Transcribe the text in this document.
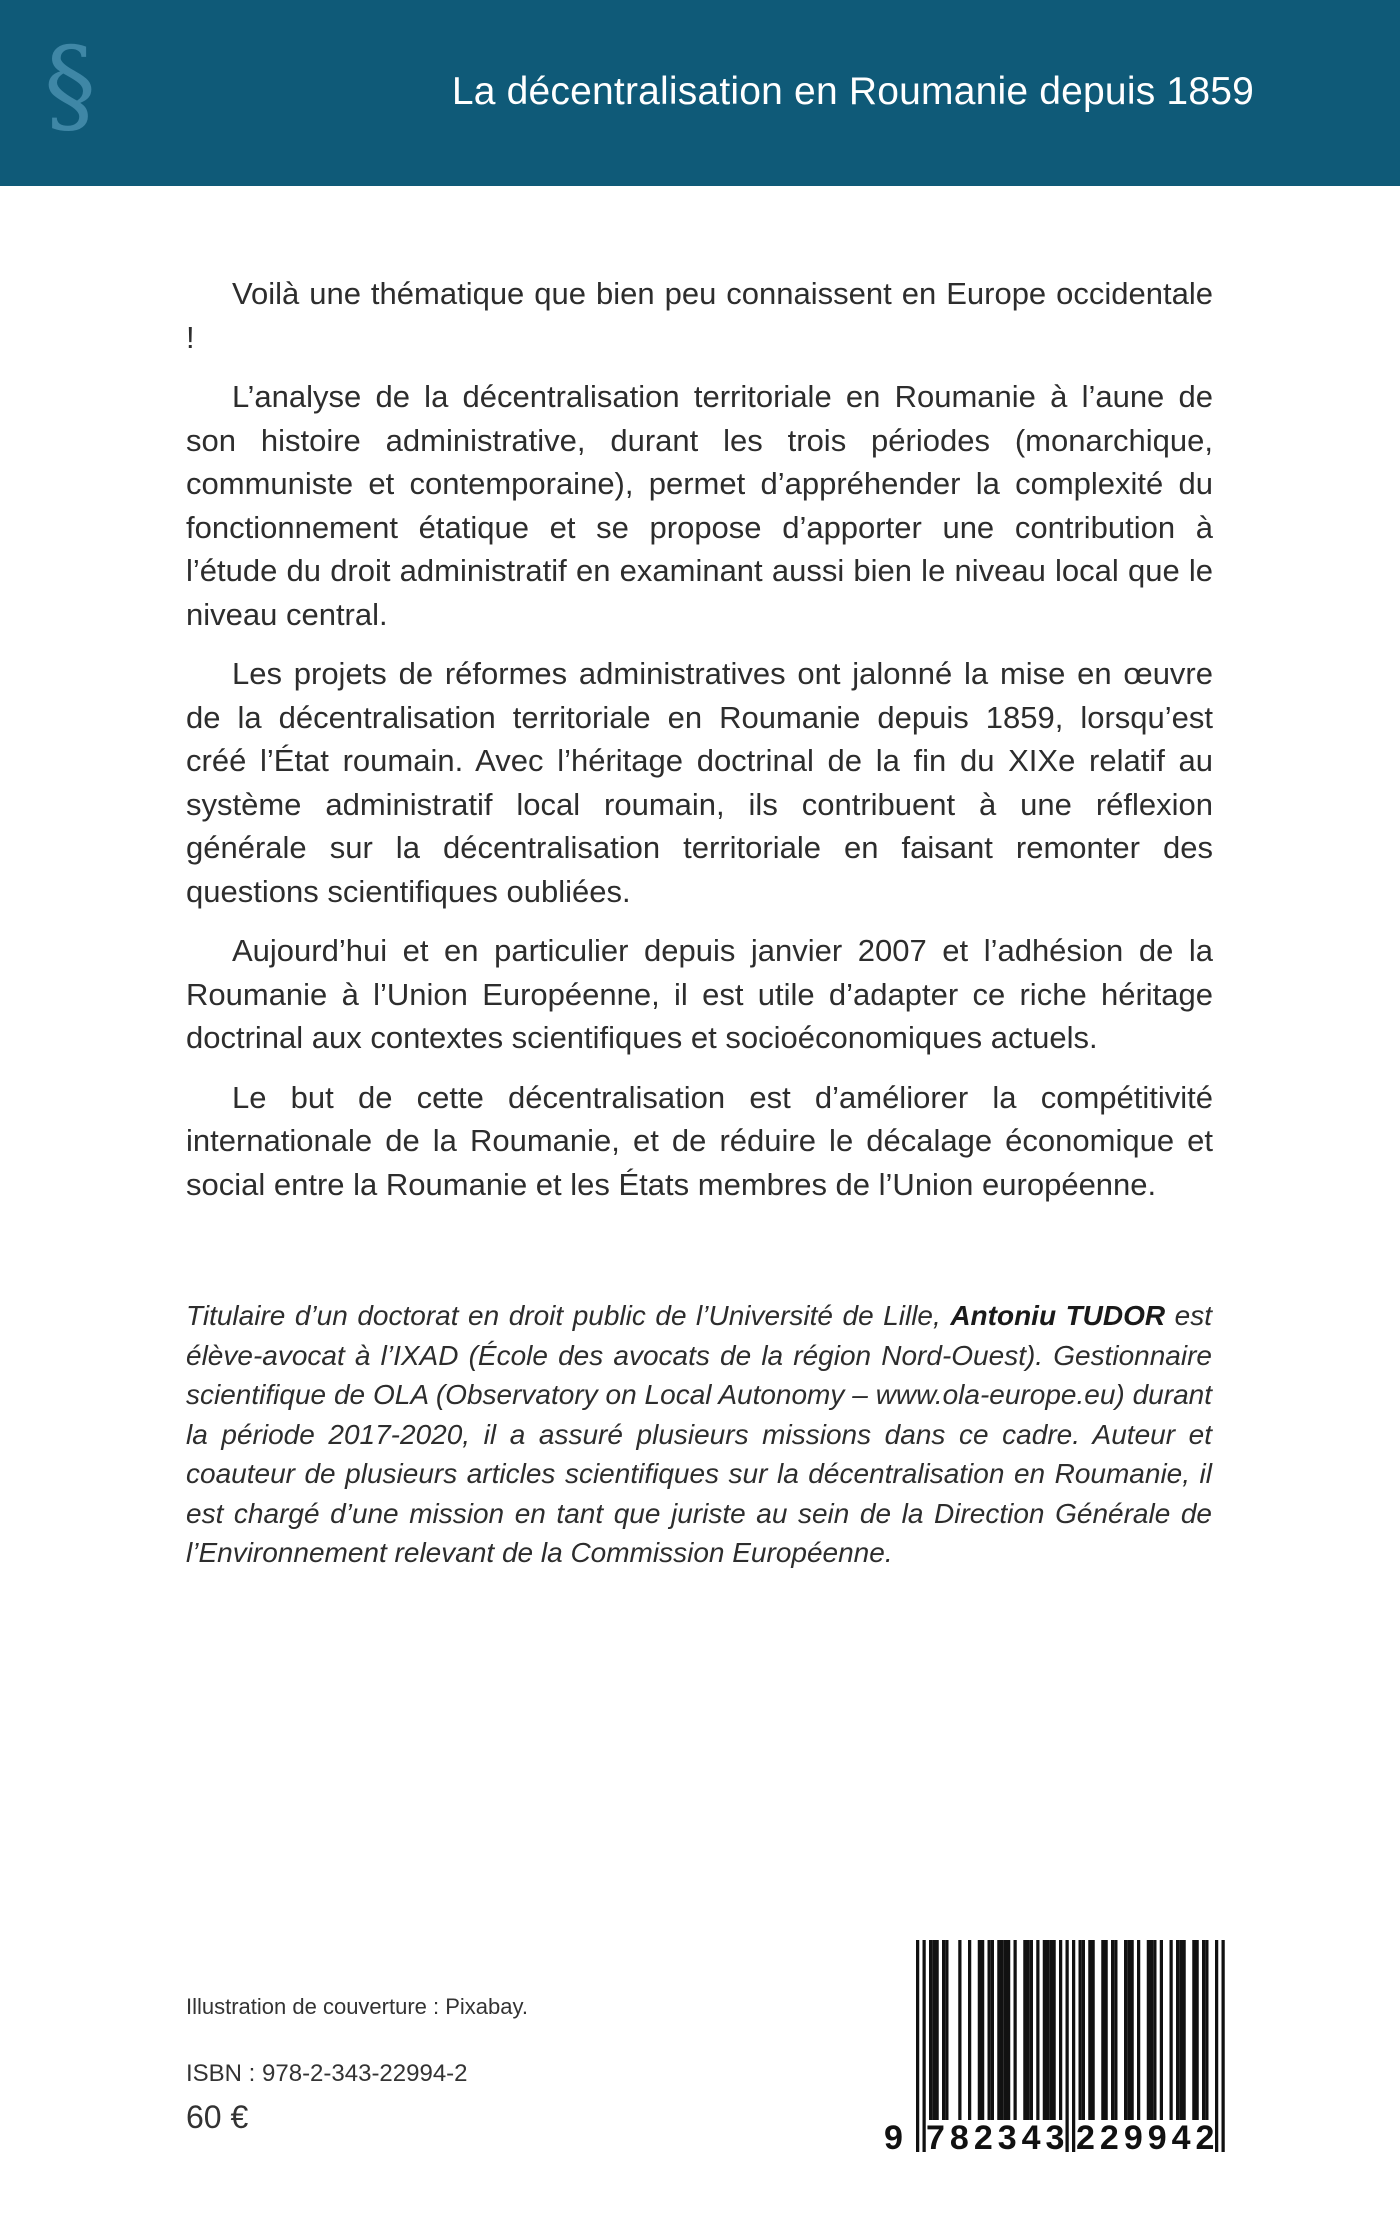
§	La décentralisation en Roumanie depuis 1859

Voilà une thématique que bien peu connaissent en Europe occidentale !

L’analyse de la décentralisation territoriale en Roumanie à l’aune de son histoire administrative, durant les trois périodes (monarchique, communiste et contemporaine), permet d’appréhender la complexité du fonctionnement étatique et se propose d’apporter une contribution à l’étude du droit administratif en examinant aussi bien le niveau local que le niveau central.

Les projets de réformes administratives ont jalonné la mise en œuvre de la décentralisation territoriale en Roumanie depuis 1859, lorsqu’est créé l’État roumain. Avec l’héritage doctrinal de la fin du XIXe relatif au système administratif local roumain, ils contribuent à une réflexion générale sur la décentralisation territoriale en faisant remonter des questions scientifiques oubliées.

Aujourd’hui et en particulier depuis janvier 2007 et l’adhésion de la Roumanie à l’Union Européenne, il est utile d’adapter ce riche héritage doctrinal aux contextes scientifiques et socioéconomiques actuels.

Le but de cette décentralisation est d’améliorer la compétitivité internationale de la Roumanie, et de réduire le décalage économique et social entre la Roumanie et les États membres de l’Union européenne.

Titulaire d’un doctorat en droit public de l’Université de Lille, Antoniu TUDOR est élève-avocat à l’IXAD (École des avocats de la région Nord-Ouest). Gestionnaire scientifique de OLA (Observatory on Local Autonomy – www.ola-europe.eu) durant la période 2017-2020, il a assuré plusieurs missions dans ce cadre. Auteur et coauteur de plusieurs articles scientifiques sur la décentralisation en Roumanie, il est chargé d’une mission en tant que juriste au sein de la Direction Générale de l’Environnement relevant de la Commission Européenne.

Illustration de couverture : Pixabay.
ISBN : 978-2-343-22994-2
60 €
9 782343 229942
